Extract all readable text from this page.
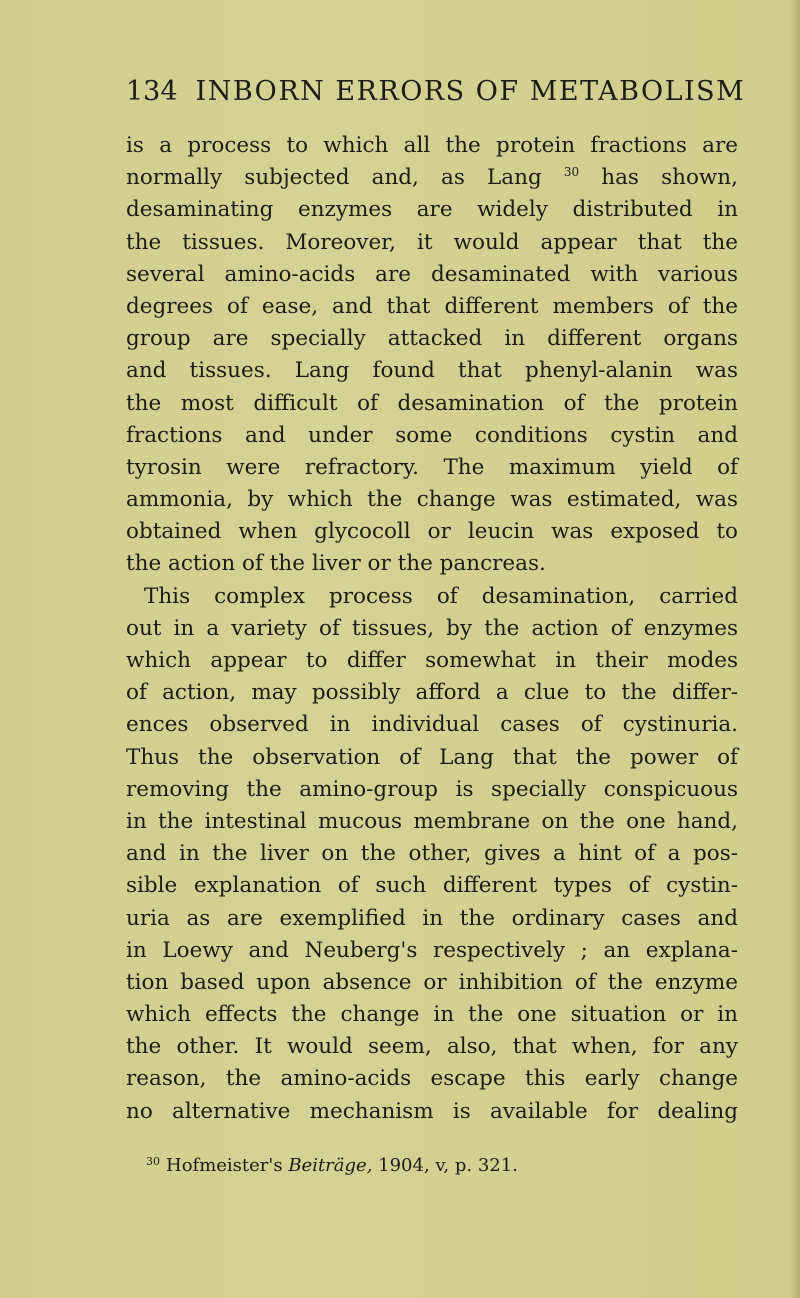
134 INBORN ERRORS OF METABOLISM
is a process to which all the protein fractions are
normally subjected and, as Lang $^{30}$ has shown,
desaminating enzymes are widely distributed in
the tissues. Moreover, it would appear that the
several amino-acids are desaminated with various
degrees of ease, and that different members of the
group are specially attacked in different organs
and tissues. Lang found that phenyl-alanin was
the most difficult of desamination of the protein
fractions and under some conditions cystin and
tyrosin were refractory. The maximum yield of
ammonia, by which the change was estimated, was
obtained when glycocoll or leucin was exposed to
the action of the liver or the pancreas.
This complex process of desamination, carried
out in a variety of tissues, by the action of enzymes
which appear to differ somewhat in their modes
of action, may possibly afford a clue to the differ-
ences observed in individual cases of cystinuria.
Thus the observation of Lang that the power of
removing the amino-group is specially conspicuous
in the intestinal mucous membrane on the one hand,
and in the liver on the other, gives a hint of a pos-
sible explanation of such different types of cystin-
uria as are exemplified in the ordinary cases and
in Loewy and Neuberg's respectively ; an explana-
tion based upon absence or inhibition of the enzyme
which effects the change in the one situation or in
the other. It would seem, also, that when, for any
reason, the amino-acids escape this early change
no alternative mechanism is available for dealing
$^{30}$ Hofmeister's Beiträge, 1904, v, p. 321.
